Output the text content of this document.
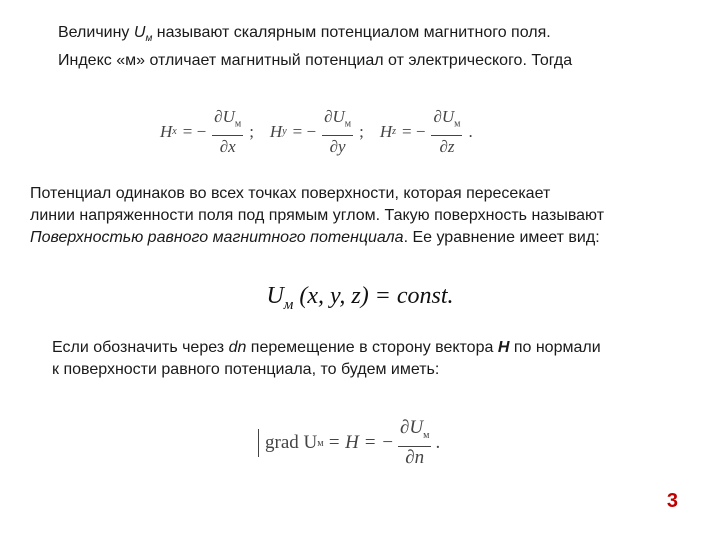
Величину $U_м$ называют скалярным потенциалом магнитного поля.
Индекс «м» отличает магнитный потенциал от электрического. Тогда
H x = − $\frac{\partial U_м}{\partial x}$ ; H y = − $\frac{\partial U_м}{\partial y}$ ; H z = − $\frac{\partial U_м}{\partial z}$ .
Потенциал одинаков во всех точках поверхности, которая пересекает
линии напряженности поля под прямым углом. Такую поверхность называют
Поверхностью равного магнитного потенциала. Ее уравнение имеет вид:
$U_м$ (x, y, z) = const.
Если обозначить через dn перемещение в сторону вектора H по нормали
к поверхности равного потенциала, то будем иметь:
grad U м = H = − $\frac{\partial U_м}{\partial n}$ .
3
